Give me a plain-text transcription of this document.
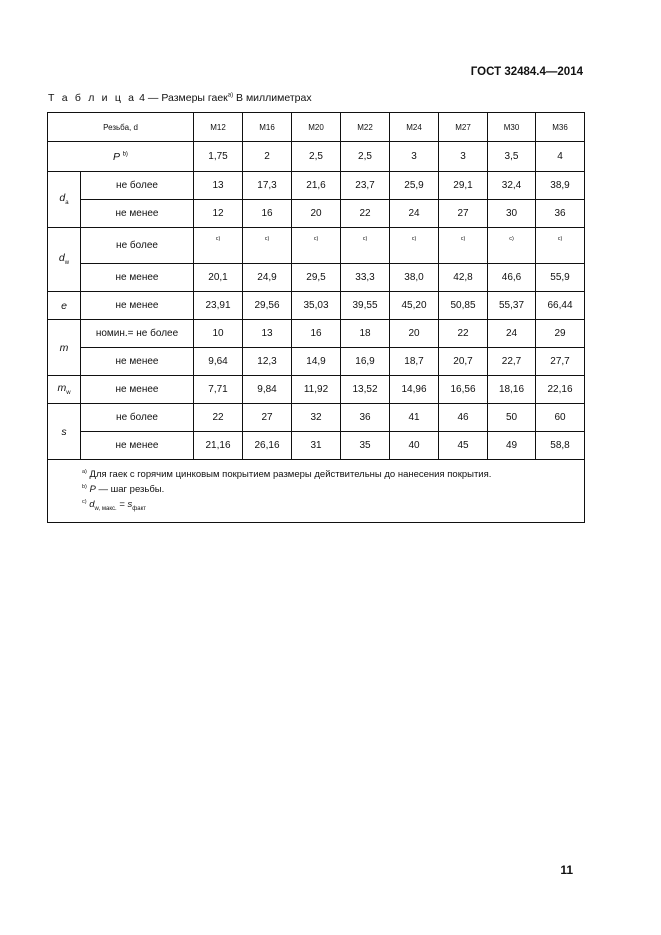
ГОСТ 32484.4—2014
Т а б л и ц а 4 — Размеры гаек$^{a)}$ В миллиметрах
Резьба, d		M12	M16	M20	M22	M24	M27	M30	M36
P $^{b)}$		1,75	2	2,5	2,5	3	3	3,5	4
$d_a$	не более	13	17,3	21,6	23,7	25,9	29,1	32,4	38,9
	не менее	12	16	20	22	24	27	30	36
$d_w$	не более	c)	c)	c)	c)	c)	c)	c)	c)
	не менее	20,1	24,9	29,5	33,3	38,0	42,8	46,6	55,9
e	не менее	23,91	29,56	35,03	39,55	45,20	50,85	55,37	66,44
m	номин.= не более	10	13	16	18	20	22	24	29
	не менее	9,64	12,3	14,9	16,9	18,7	20,7	22,7	27,7
$m_w$	не менее	7,71	9,84	11,92	13,52	14,96	16,56	18,16	22,16
s	не более	22	27	32	36	41	46	50	60
	не менее	21,16	26,16	31	35	40	45	49	58,8

$^{a)}$ Для гаек с горячим цинковым покрытием размеры действительны до нанесения покрытия.
$^{b)}$ P — шаг резьбы.
$^{c)}$ $d_{w, макс.} = s_{факт}$
11
